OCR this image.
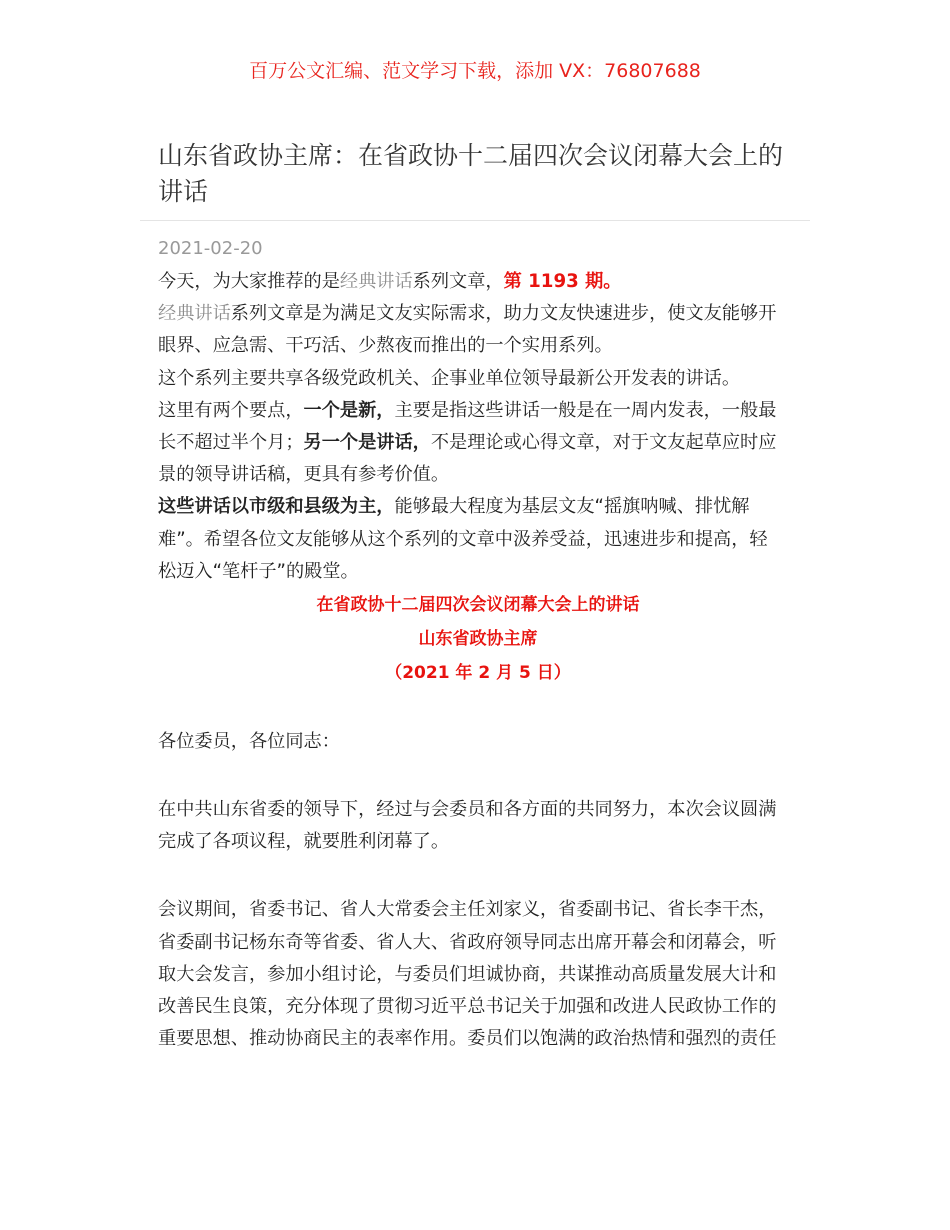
百万公文汇编、范文学习下载，添加 VX：76807688
山东省政协主席：在省政协十二届四次会议闭幕大会上的讲话
2021-02-20
今天，为大家推荐的是经典讲话系列文章，第 1193 期。
经典讲话系列文章是为满足文友实际需求，助力文友快速进步，使文友能够开
眼界、应急需、干巧活、少熬夜而推出的一个实用系列。
这个系列主要共享各级党政机关、企事业单位领导最新公开发表的讲话。
这里有两个要点，一个是新，主要是指这些讲话一般是在一周内发表，一般最
长不超过半个月；另一个是讲话，不是理论或心得文章，对于文友起草应时应
景的领导讲话稿，更具有参考价值。
这些讲话以市级和县级为主，能够最大程度为基层文友“摇旗呐喊、排忧解
难”。希望各位文友能够从这个系列的文章中汲养受益，迅速进步和提高，轻
松迈入“笔杆子”的殿堂。
在省政协十二届四次会议闭幕大会上的讲话
山东省政协主席
（2021 年 2 月 5 日）
各位委员，各位同志：
在中共山东省委的领导下，经过与会委员和各方面的共同努力，本次会议圆满
完成了各项议程，就要胜利闭幕了。
会议期间，省委书记、省人大常委会主任刘家义，省委副书记、省长李干杰，
省委副书记杨东奇等省委、省人大、省政府领导同志出席开幕会和闭幕会，听
取大会发言，参加小组讨论，与委员们坦诚协商，共谋推动高质量发展大计和
改善民生良策，充分体现了贯彻习近平总书记关于加强和改进人民政协工作的
重要思想、推动协商民主的表率作用。委员们以饱满的政治热情和强烈的责任
